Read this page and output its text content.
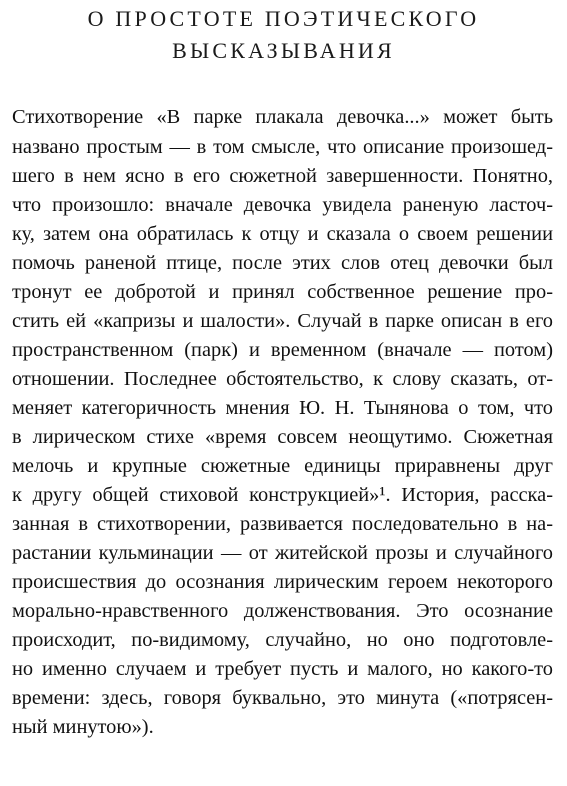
О ПРОСТОТЕ ПОЭТИЧЕСКОГО
ВЫСКАЗЫВАНИЯ
Стихотворение «В парке плакала девочка...» может быть
названо простым — в том смысле, что описание произошед-
шего в нем ясно в его сюжетной завершенности. Понятно,
что произошло: вначале девочка увидела раненую ласточ-
ку, затем она обратилась к отцу и сказала о своем решении
помочь раненой птице, после этих слов отец девочки был
тронут ее добротой и принял собственное решение про-
стить ей «капризы и шалости». Случай в парке описан в его
пространственном (парк) и временном (вначале — потом)
отношении. Последнее обстоятельство, к слову сказать, от-
меняет категоричность мнения Ю. Н. Тынянова о том, что
в лирическом стихе «время совсем неощутимо. Сюжетная
мелочь и крупные сюжетные единицы приравнены друг
к другу общей стиховой конструкцией»¹. История, расска-
занная в стихотворении, развивается последовательно в на-
растании кульминации — от житейской прозы и случайного
происшествия до осознания лирическим героем некоторого
морально-нравственного долженствования. Это осознание
происходит, по-видимому, случайно, но оно подготовле-
но именно случаем и требует пусть и малого, но какого-то
времени: здесь, говоря буквально, это минута («потрясен-
ный минутою»).
